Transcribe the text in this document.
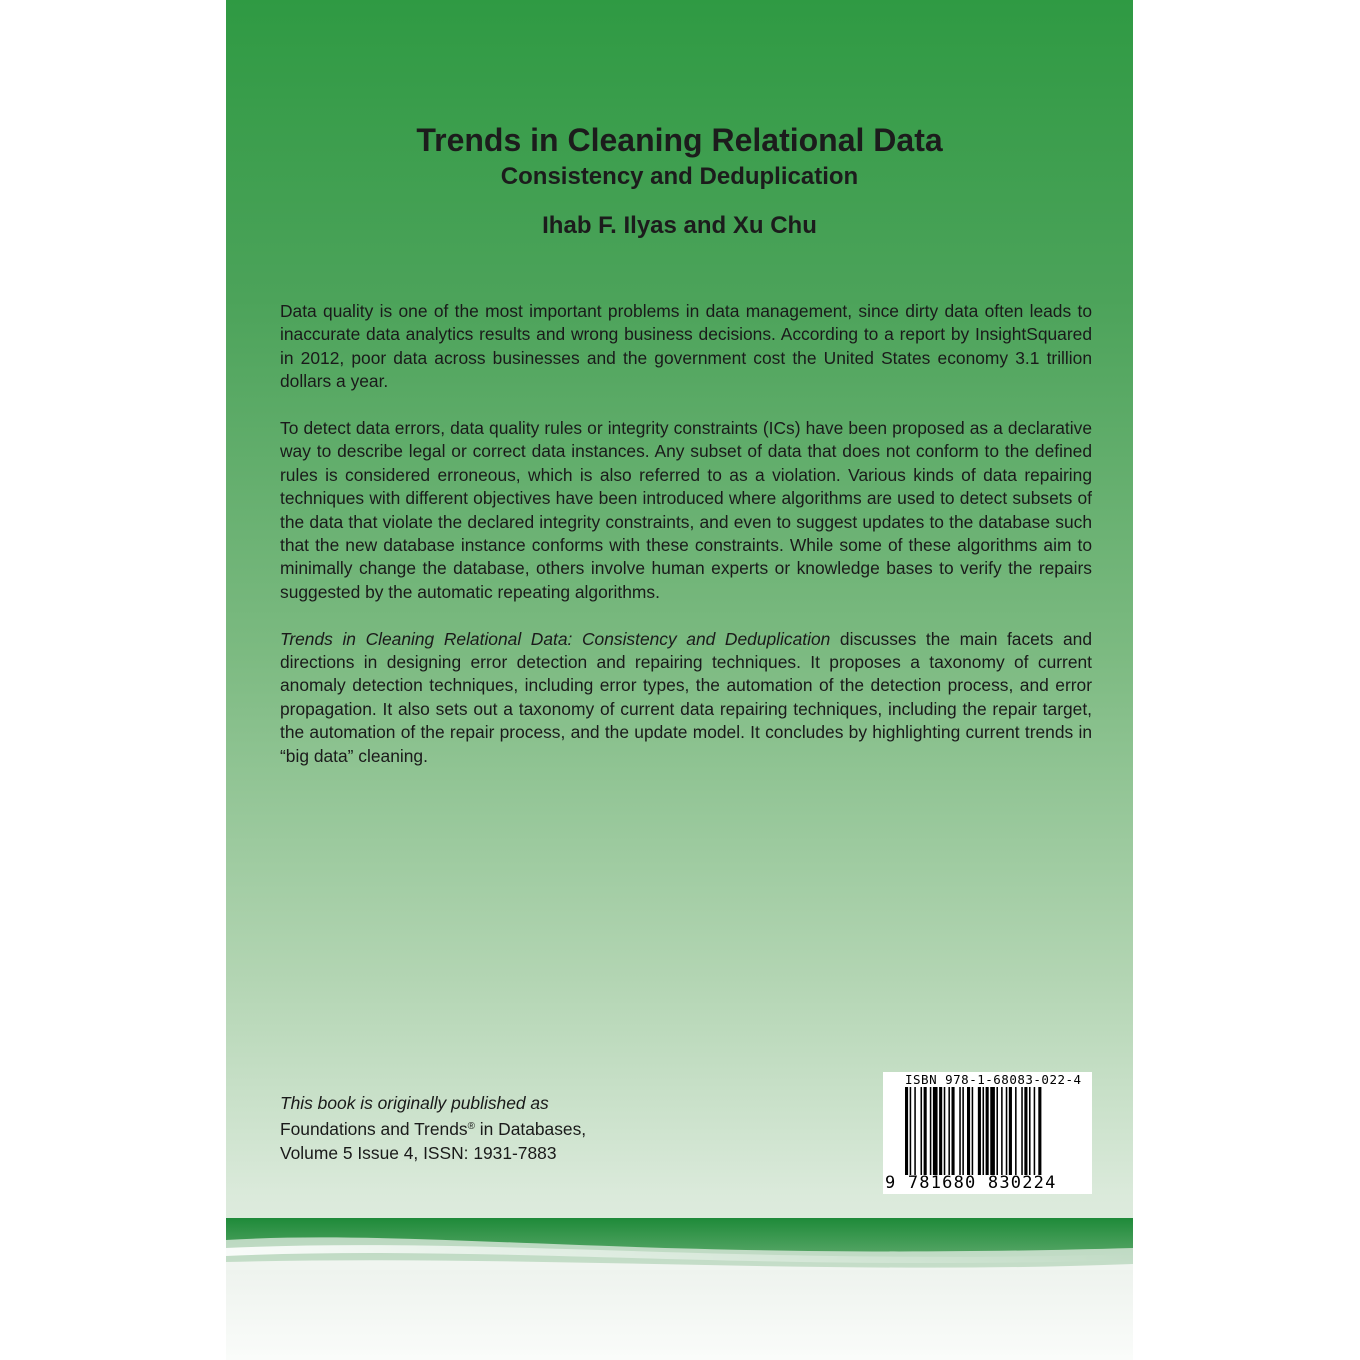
Trends in Cleaning Relational Data
Consistency and Deduplication
Ihab F. Ilyas and Xu Chu

Data quality is one of the most important problems in data management, since dirty data often leads to inaccurate data analytics results and wrong business decisions. According to a report by InsightSquared in 2012, poor data across businesses and the government cost the United States economy 3.1 trillion dollars a year.

To detect data errors, data quality rules or integrity constraints (ICs) have been proposed as a declarative way to describe legal or correct data instances. Any subset of data that does not conform to the defined rules is considered erroneous, which is also referred to as a violation. Various kinds of data repairing techniques with different objectives have been introduced where algorithms are used to detect subsets of the data that violate the declared integrity constraints, and even to suggest updates to the database such that the new database instance conforms with these constraints. While some of these algorithms aim to minimally change the database, others involve human experts or knowledge bases to verify the repairs suggested by the automatic repeating algorithms.

Trends in Cleaning Relational Data: Consistency and Deduplication discusses the main facets and directions in designing error detection and repairing techniques. It proposes a taxonomy of current anomaly detection techniques, including error types, the automation of the detection process, and error propagation. It also sets out a taxonomy of current data repairing techniques, including the repair target, the automation of the repair process, and the update model. It concludes by highlighting current trends in “big data” cleaning.

This book is originally published as
Foundations and Trends® in Databases,
Volume 5 Issue 4, ISSN: 1931-7883
ISBN 978-1-68083-022-4
9 781680 830224
